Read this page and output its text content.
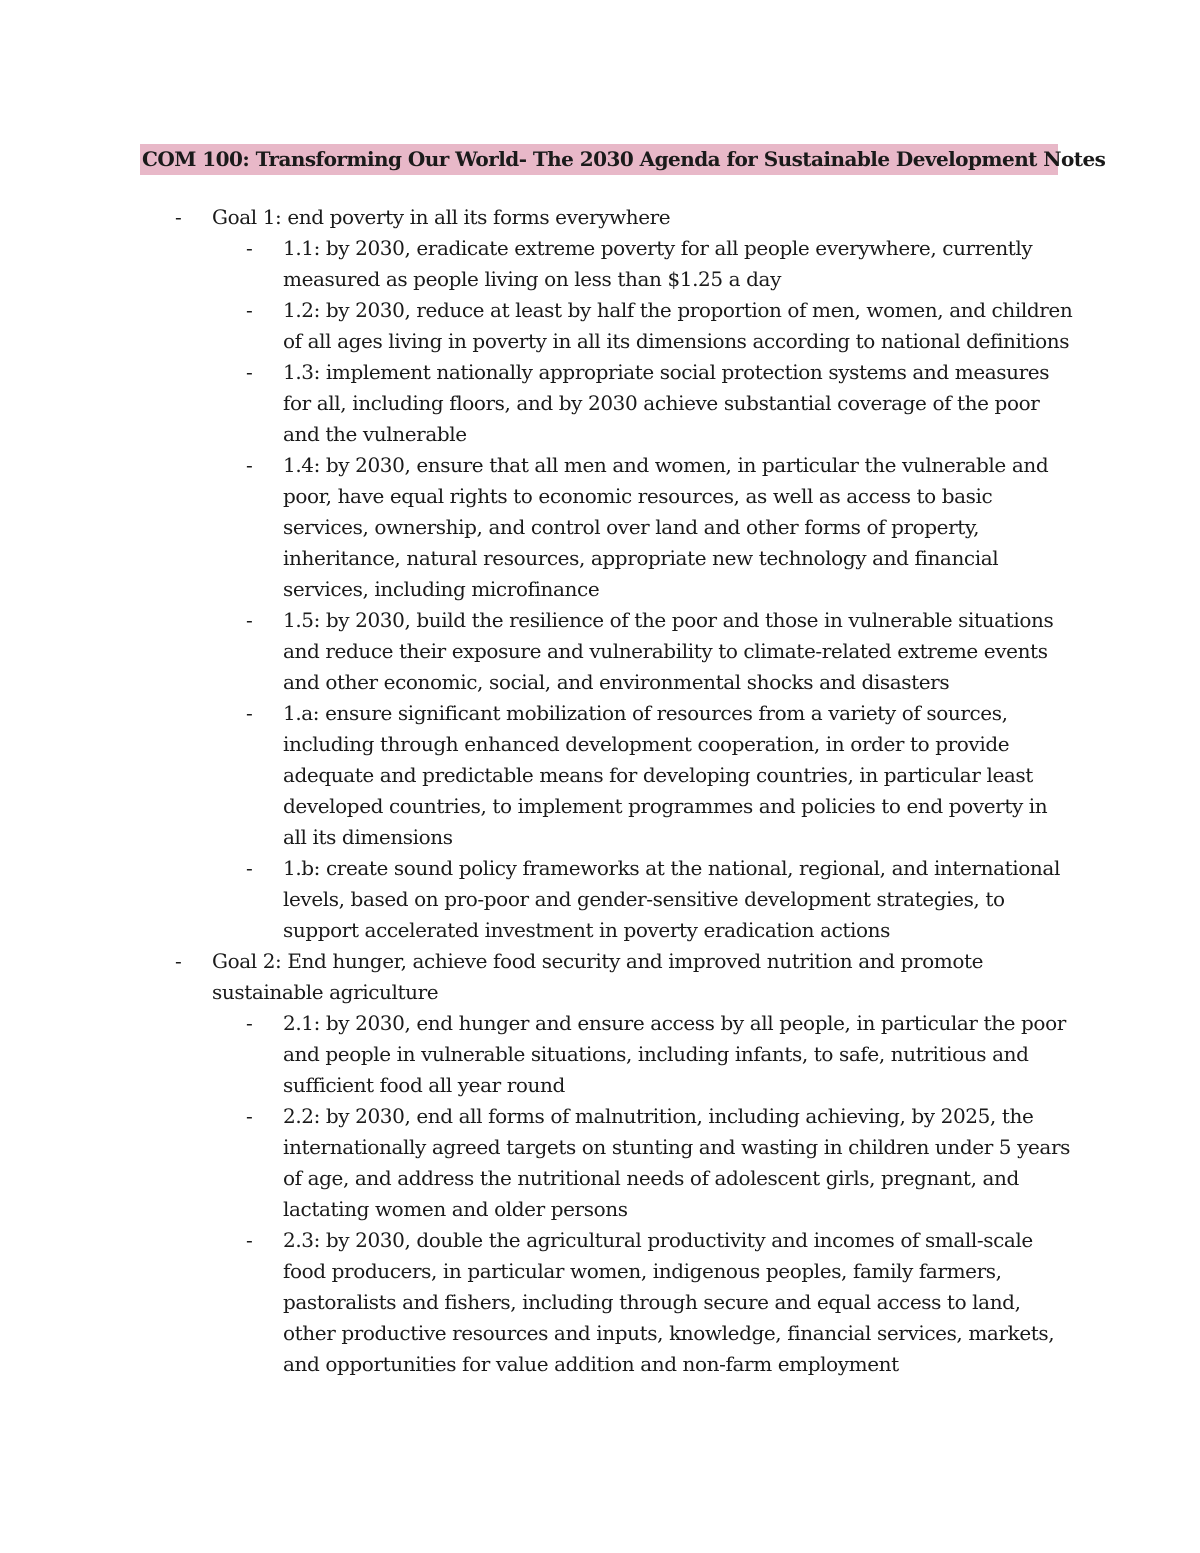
COM 100: Transforming Our World- The 2030 Agenda for Sustainable Development Notes
- Goal 1: end poverty in all its forms everywhere
- 1.1: by 2030, eradicate extreme poverty for all people everywhere, currently measured as people living on less than $1.25 a day
- 1.2: by 2030, reduce at least by half the proportion of men, women, and children of all ages living in poverty in all its dimensions according to national definitions
- 1.3: implement nationally appropriate social protection systems and measures for all, including floors, and by 2030 achieve substantial coverage of the poor and the vulnerable
- 1.4: by 2030, ensure that all men and women, in particular the vulnerable and poor, have equal rights to economic resources, as well as access to basic services, ownership, and control over land and other forms of property, inheritance, natural resources, appropriate new technology and financial services, including microfinance
- 1.5: by 2030, build the resilience of the poor and those in vulnerable situations and reduce their exposure and vulnerability to climate-related extreme events and other economic, social, and environmental shocks and disasters
- 1.a: ensure significant mobilization of resources from a variety of sources, including through enhanced development cooperation, in order to provide adequate and predictable means for developing countries, in particular least developed countries, to implement programmes and policies to end poverty in all its dimensions
- 1.b: create sound policy frameworks at the national, regional, and international levels, based on pro-poor and gender-sensitive development strategies, to support accelerated investment in poverty eradication actions
- Goal 2: End hunger, achieve food security and improved nutrition and promote sustainable agriculture
- 2.1: by 2030, end hunger and ensure access by all people, in particular the poor and people in vulnerable situations, including infants, to safe, nutritious and sufficient food all year round
- 2.2: by 2030, end all forms of malnutrition, including achieving, by 2025, the internationally agreed targets on stunting and wasting in children under 5 years of age, and address the nutritional needs of adolescent girls, pregnant, and lactating women and older persons
- 2.3: by 2030, double the agricultural productivity and incomes of small-scale food producers, in particular women, indigenous peoples, family farmers, pastoralists and fishers, including through secure and equal access to land, other productive resources and inputs, knowledge, financial services, markets, and opportunities for value addition and non-farm employment
